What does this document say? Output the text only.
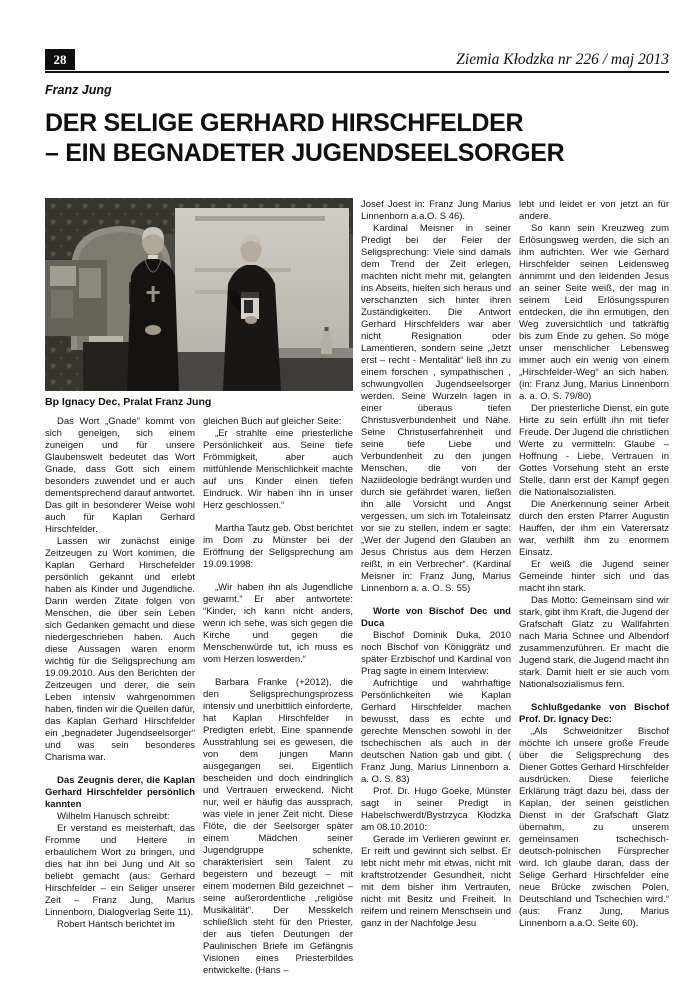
28	Ziemia Kłodzka nr 226 / maj 2013
Franz Jung
DER SELIGE GERHARD HIRSCHFELDER
– EIN BEGNADETER JUGENDSEELSORGER
Bp Ignacy Dec, Pralat Franz Jung

Das Wort „Gnade“ kommt von sich geneigen, sich einem zuneigen und für unsere Glaubenswelt bedeutet das Wort Gnade, dass Gott sich einem besonders zuwendet und er auch dementsprechend darauf antwortet. Das gilt in besonderer Weise wohl auch für Kaplan Gerhard Hirschfelder.

Lassen wir zunächst einige Zeitzeugen zu Wort kommen, die Kaplan Gerhard Hirschefelder persönlich gekannt und erlebt haben als Kinder und Jugendliche. Dann werden Zitate folgen von Menschen, die über sein Leben sich Gedanken gemacht und diese niedergeschrieben haben. Auch diese Aussagen waren enorm wichtig für die Seligsprechung am 19.09.2010. Aus den Berichten der Zeitzeugen und derer, die sein Leben intensiv wahrgenommen haben, finden wir die Quellen dafür, das Kaplan Gerhard Hirschfelder ein „begnadeter Jugendseelsorger“ und was sein besonderes Charisma war.

Das Zeugnis derer, die Kaplan Gerhard Hirschfelder persönlich kannten

Wilhelm Hanusch schreibt:

Er verstand es meisterhaft, das Fromme und Heitere in erbaulichem Wort zu bringen, und dies hat ihn bei Jung und Alt so beliebt gemacht (aus: Gerhard Hirschfelder – ein Seliger unserer Zeit – Franz Jung, Marius Linnenborn, Dialogverlag Seite 11).

Robert Hantsch berichtet im

gleichen Buch auf gleicher Seite:

„Er strahlte eine priesterliche Persönlichkeit aus. Seine tiefe Frömmigkeit, aber auch mitfühlende Menschlichkeit machte auf uns Kinder einen tiefen Eindruck. Wir haben ihn in unser Herz geschlossen.“

Martha Tautz geb. Obst berichtet im Dom zu Münster bei der Eröffnung der Seligsprechung am 19.09.1998:

„Wir haben ihn als Jugendliche gewarnt.“ Er aber antwortete: “Kinder, ich kann nicht anders, wenn ich sehe, was sich gegen die Kirche und gegen die Menschenwürde tut, ich muss es vom Herzen loswerden.“

Barbara Franke (+2012), die den Seligsprechungsprozess intensiv und unerbittlich einforderte, hat Kaplan Hirschfelder in Predigten erlebt. Eine spannende Ausstrahlung sei es gewesen, die von dem jungen Mann ausgegangen sei. Eigentlich bescheiden und doch eindringlich und Vertrauen erweckend. Nicht nur, weil er häufig das aussprach, was viele in jener Zeit nicht. Diese Flöte, die der Seelsorger später einem Mädchen seiner Jugendgruppe schenkte, charakterisiert sein Talent zu begeistern und bezeugt – mit einem modernen Bild gezeichnet – seine außerordentliche „religiöse Musikalität“. Der Messkelch schließlich steht für den Priester, der aus tiefen Deutungen der Paulinischen Briefe im Gefängnis Visionen eines Priesterbildes entwickelte. (Hans –

Josef Joest in: Franz Jung Marius Linnenborn a.a.O. S 46).

Kardinal Meisner in seiner Predigt bei der Feier der Seligsprechung: Viele sind damals dem Trend der Zeit erlegen, machten nicht mehr mit, gelangten ins Abseits, hielten sich heraus und verschanzten sich hinter ihren Zuständigkeiten. Die Antwort Gerhard Hirschfelders war aber nicht Resignation oder Lamentieren, sondern seine „Jetzt erst – recht - Mentalität“ ließ ihn zu einem forschen , sympathischen , schwungvollen Jugendseelsorger werden. Seine Wurzeln lagen in einer überaus tiefen Christusverbundenheit und Nähe. Seine Christuserfahrenheit und seine tiefe Liebe und Verbundenheit zu den jungen Menschen, die von der Naziideologie bedrängt wurden und durch sie gefährdet waren, ließen ihn alle Vorsicht und Angst vergessen, um sich im Totaleinsatz vor sie zu stellen, indem er sagte: „Wer der Jugend den Glauben an Jesus Christus aus dem Herzen reißt, in ein Verbrecher“. (Kardinal Meisner in: Franz Jung, Marius Linnenborn a. a. O. S. 55)

Worte von Bischof Dec und Duca

Bischof Dominik Duka, 2010 noch Bischof von Königgrätz und später Erzbischof und Kardinal von Prag sagte in einem Interview:

Aufrichtige und wahrhaftige Persönlichkeiten wie Kaplan Gerhard Hirschfelder machen bewusst, dass es echte und gerechte Menschen sowohl in der tschechischen als auch in der deutschen Nation gab und gibt. ( Franz Jung, Marius Linnenborn a. a. O. S. 83)

Prof. Dr. Hugo Goeke, Münster sagt in seiner Predigt in Habelschwerdt/Bystrzyca Kłodzka am 08.10.2010:

Gerade im Verlieren gewinnt er. Er reift und gewinnt sich selbst. Er lebt nicht mehr mit etwas, nicht mit kraftstrotzender Gesundheit, nicht mit dem bisher ihm Vertrauten, nicht mit Besitz und Freiheit. In reifem und reinem Menschsein und ganz in der Nachfolge Jesu

lebt und leidet er von jetzt an für andere.

So kann sein Kreuzweg zum Erlösungsweg werden, die sich an ihm aufrichten. Wer wie Gerhard Hirschfelder seinen Leidensweg annimmt und den leidenden Jesus an seiner Seite weiß, der mag in seinem Leid Erlösungsspuren entdecken, die ihn ermutigen, den Weg zuversichtlich und tatkräftig bis zum Ende zu gehen. So möge unser menschlicher Lebensweg immer auch ein wenig von einem „Hirschfelder-Weg“ an sich haben. (in: Franz Jung, Marius Linnenborn a. a. O. S. 79/80)

Der priesterliche Dienst, ein gute Hirte zu sein erfüllt ihn mit tiefer Freude. Der Jugend die christlichen Werte zu vermitteln: Glaube – Hoffnung - Liebe, Vertrauen in Gottes Vorsehung steht an erste Stelle, dann erst der Kampf gegen die Nationalsozialisten.

Die Anerkennung seiner Arbeit durch den ersten Pfarrer Augustin Hauffen, der ihm ein Vaterersatz war, verhilft ihm zu enormem Einsatz.

Er weiß die Jugend seiner Gemeinde hinter sich und das macht ihn stark.

Das Motto: Gemeinsam sind wir stark, gibt ihm Kraft, die Jugend der Grafschaft Glatz zu Wallfahrten nach Maria Schnee und Albendorf zusammenzuführen. Er macht die Jugend stark, die Jugend macht ihn stark. Damit hielt er sie auch vom Nationalsozialismus fern.

Schlußgedanke von Bischof Prof. Dr. Ignacy Dec:

„Als Schweidnitzer Bischof möchte ich unsere große Freude über die Seligsprechung des Diener Gottes Gerhard Hirschfelder ausdrücken. Diese feierliche Erklärung trägt dazu bei, dass der Kaplan, der seinen geistlichen Dienst in der Grafschaft Glatz übernahm, zu unserem gemeinsamen tschechisch-deutsch-polnischen Fürsprecher wird. Ich glaube daran, dass der Selige Gerhard Hirschfelder eine neue Brücke zwischen Polen, Deutschland und Tschechien wird.“ (aus: Franz Jung, Marius Linnenborn a.a.O. Seite 60).
